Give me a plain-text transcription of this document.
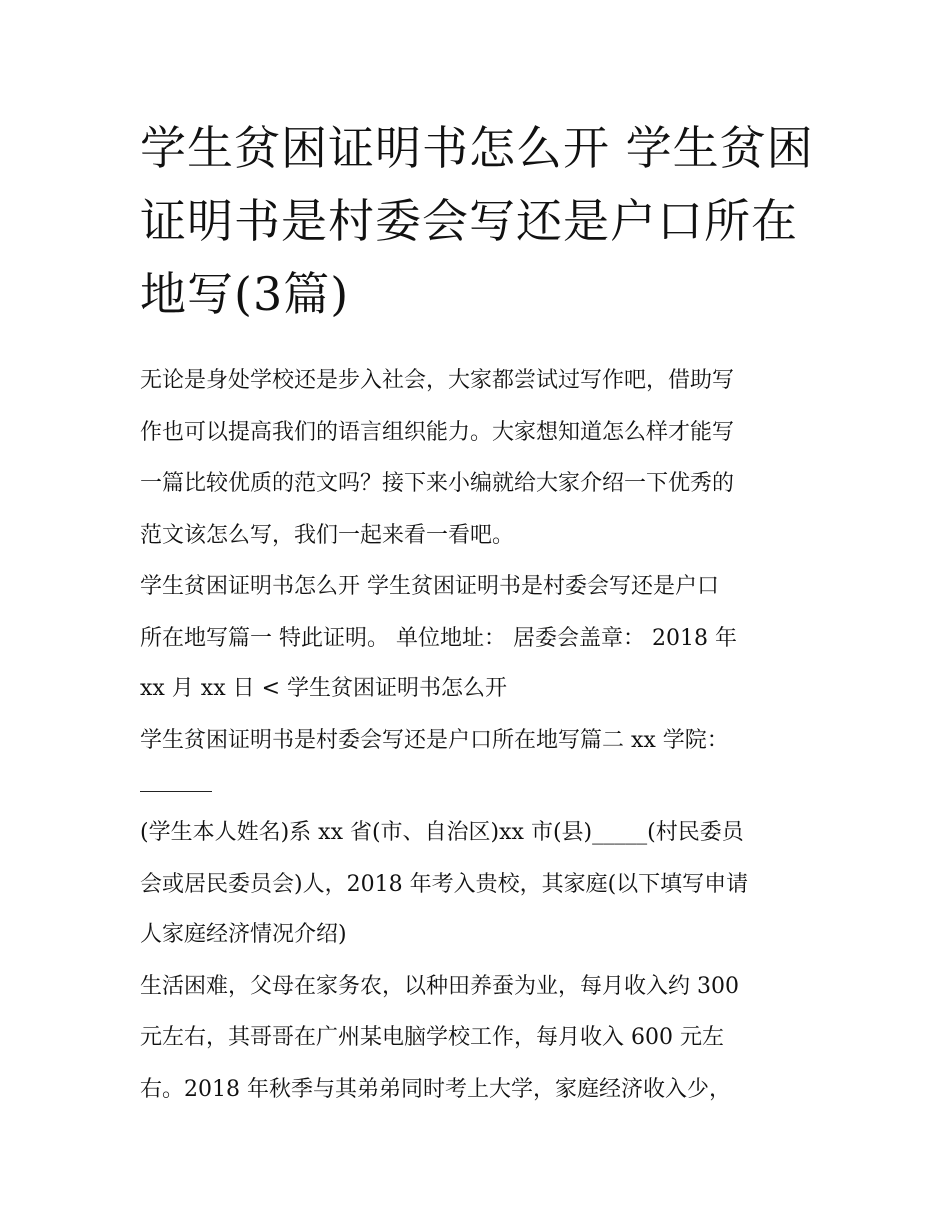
学生贫困证明书怎么开 学生贫困证明书是村委会写还是户口所在地写(3篇)

无论是身处学校还是步入社会，大家都尝试过写作吧，借助写

作也可以提高我们的语言组织能力。大家想知道怎么样才能写

一篇比较优质的范文吗？接下来小编就给大家介绍一下优秀的

范文该怎么写，我们一起来看一看吧。

学生贫困证明书怎么开 学生贫困证明书是村委会写还是户口

所在地写篇一 特此证明。 单位地址： 居委会盖章： 2018 年

xx 月 xx 日 < 学生贫困证明书怎么开

学生贫困证明书是村委会写还是户口所在地写篇二 xx 学院：

(学生本人姓名)系 xx 省(市、自治区)xx 市(县)_____(村民委员

会或居民委员会)人，2018 年考入贵校，其家庭(以下填写申请

人家庭经济情况介绍)

生活困难，父母在家务农，以种田养蚕为业，每月收入约 300

元左右，其哥哥在广州某电脑学校工作，每月收入 600 元左

右。2018 年秋季与其弟弟同时考上大学，家庭经济收入少，
